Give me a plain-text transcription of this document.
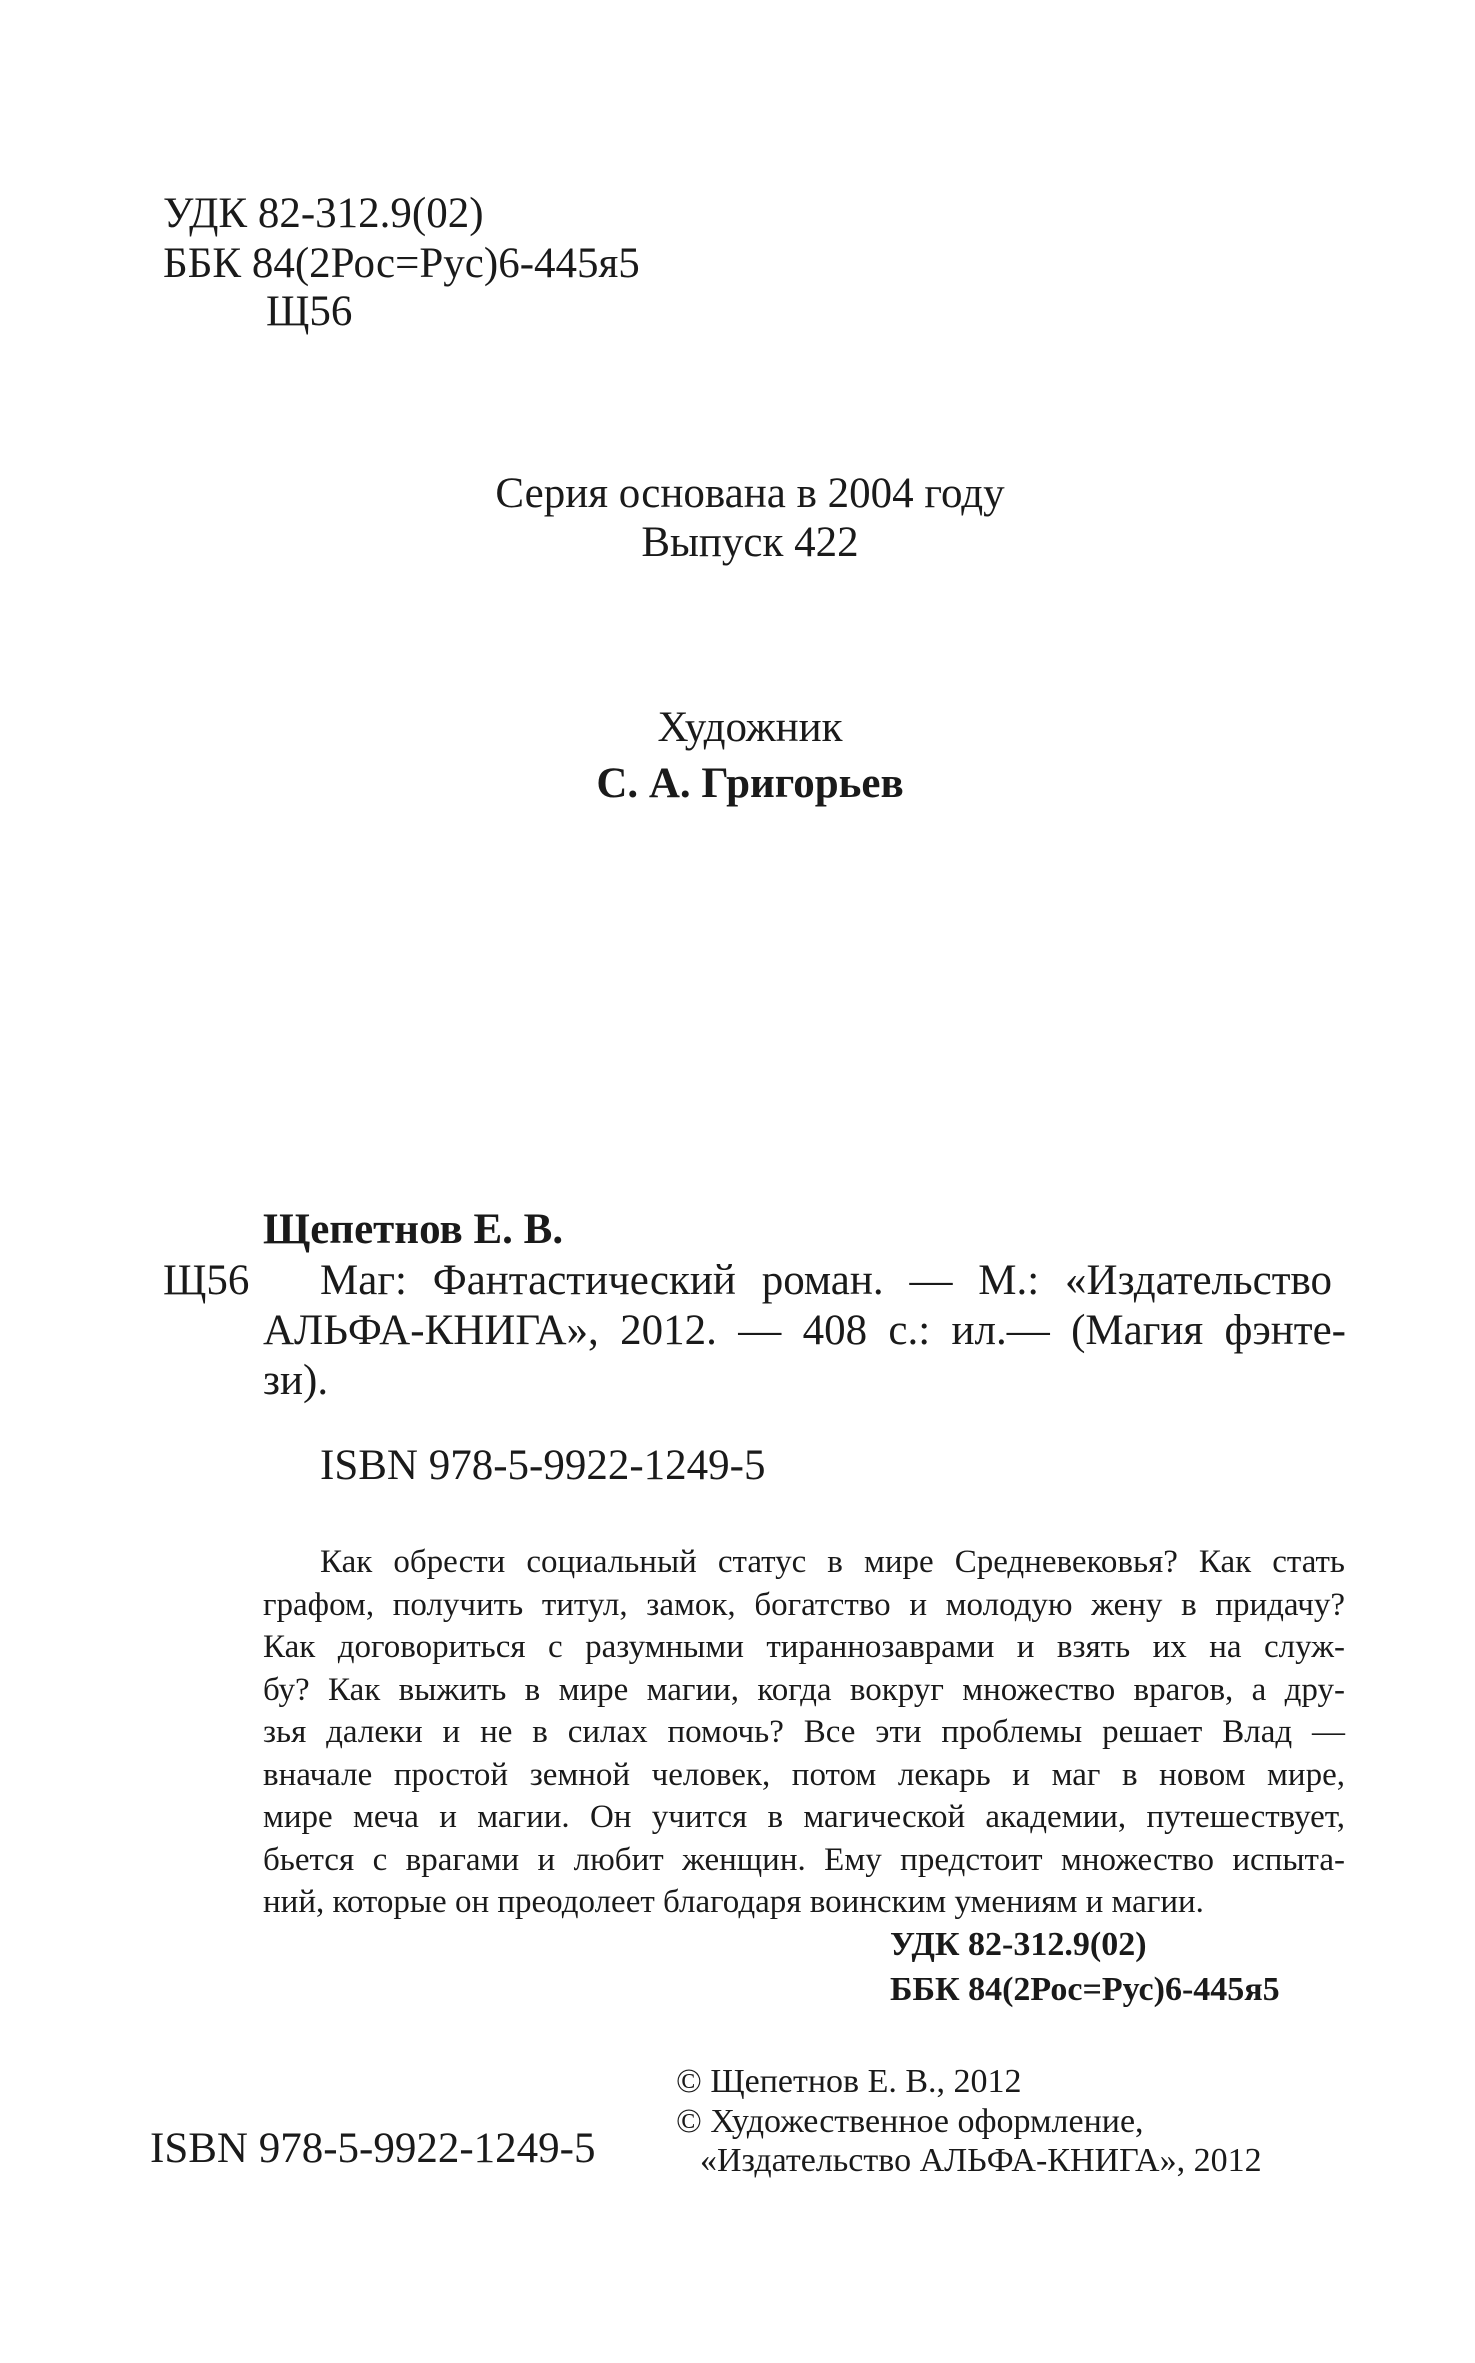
УДК 82-312.9(02)
ББК 84(2Рос=Рус)6-445я5
Щ56
Серия основана в 2004 году
Выпуск 422
Художник
С. А. Григорьев
Щепетнов Е. В.
Щ56 Маг: Фантастический роман. — М.: «Издательство
АЛЬФА-КНИГА», 2012. — 408 с.: ил.— (Магия фэнте-
зи).
ISBN 978-5-9922-1249-5
Как обрести социальный статус в мире Средневековья? Как стать
графом, получить титул, замок, богатство и молодую жену в придачу?
Как договориться с разумными тираннозаврами и взять их на служ-
бу? Как выжить в мире магии, когда вокруг множество врагов, а дру-
зья далеки и не в силах помочь? Все эти проблемы решает Влад —
вначале простой земной человек, потом лекарь и маг в новом мире,
мире меча и магии. Он учится в магической академии, путешествует,
бьется с врагами и любит женщин. Ему предстоит множество испыта-
ний, которые он преодолеет благодаря воинским умениям и магии.
УДК 82-312.9(02)
ББК 84(2Рос=Рус)6-445я5
© Щепетнов Е. В., 2012
© Художественное оформление,
«Издательство АЛЬФА-КНИГА», 2012
ISBN 978-5-9922-1249-5
